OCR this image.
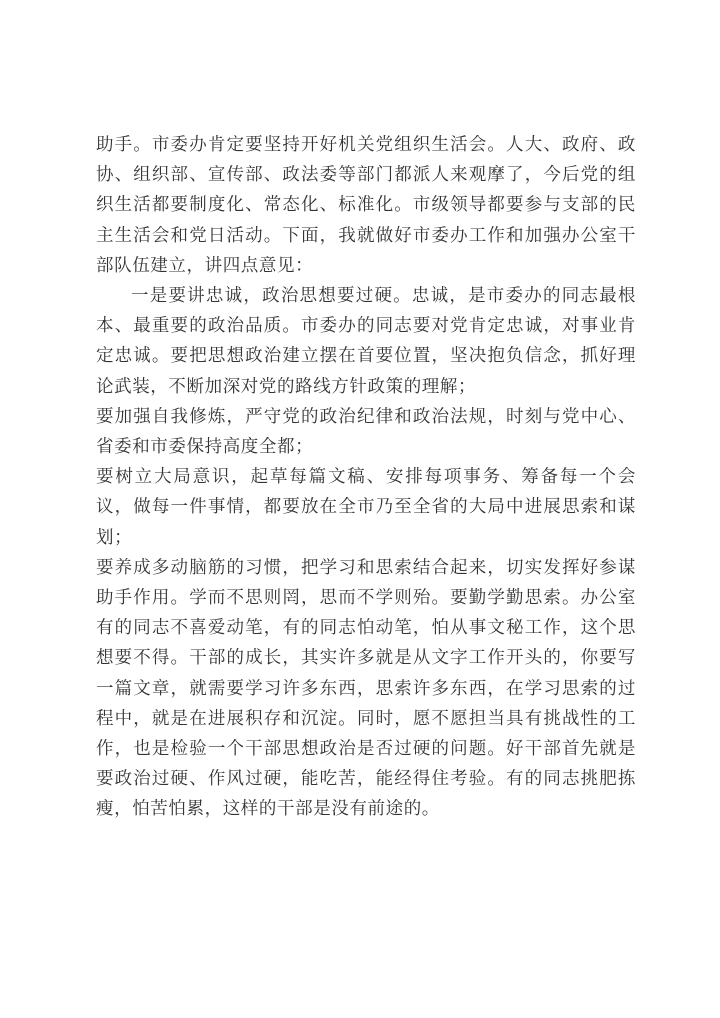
助手。市委办肯定要坚持开好机关党组织生活会。人大、政府、政协、组织部、宣传部、政法委等部门都派人来观摩了，今后党的组织生活都要制度化、常态化、标准化。市级领导都要参与支部的民主生活会和党日活动。下面，我就做好市委办工作和加强办公室干部队伍建立，讲四点意见：

一是要讲忠诚，政治思想要过硬。忠诚，是市委办的同志最根本、最重要的政治品质。市委办的同志要对党肯定忠诚，对事业肯定忠诚。要把思想政治建立摆在首要位置，坚决抱负信念，抓好理论武装，不断加深对党的路线方针政策的理解；

要加强自我修炼，严守党的政治纪律和政治法规，时刻与党中心、省委和市委保持高度全都；

要树立大局意识，起草每篇文稿、安排每项事务、筹备每一个会议，做每一件事情，都要放在全市乃至全省的大局中进展思索和谋划；

要养成多动脑筋的习惯，把学习和思索结合起来，切实发挥好参谋助手作用。学而不思则罔，思而不学则殆。要勤学勤思索。办公室有的同志不喜爱动笔，有的同志怕动笔，怕从事文秘工作，这个思想要不得。干部的成长，其实许多就是从文字工作开头的，你要写一篇文章，就需要学习许多东西，思索许多东西，在学习思索的过程中，就是在进展积存和沉淀。同时，愿不愿担当具有挑战性的工作，也是检验一个干部思想政治是否过硬的问题。好干部首先就是要政治过硬、作风过硬，能吃苦，能经得住考验。有的同志挑肥拣瘦，怕苦怕累，这样的干部是没有前途的。
